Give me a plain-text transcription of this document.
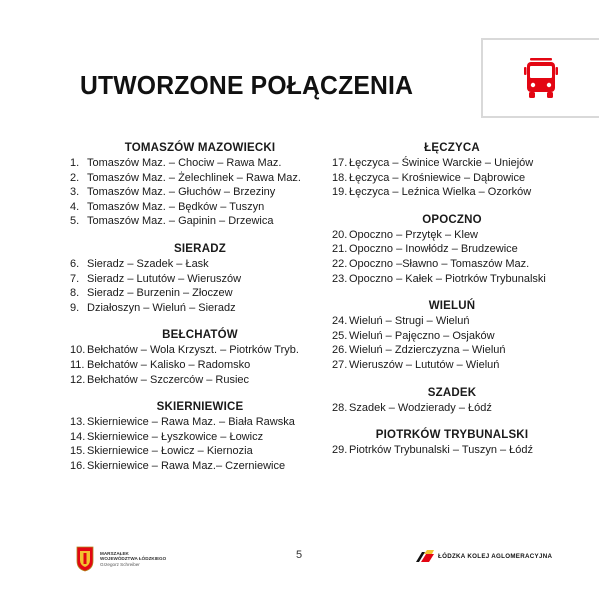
UTWORZONE POŁĄCZENIA
TOMASZÓW MAZOWIECKI
1. Tomaszów Maz. – Chociw – Rawa Maz.
2. Tomaszów Maz. – Żelechlinek – Rawa Maz.
3. Tomaszów Maz. – Głuchów – Brzeziny
4. Tomaszów Maz. – Będków – Tuszyn
5. Tomaszów Maz. – Gapinin – Drzewica
SIERADZ
6. Sieradz – Szadek – Łask
7. Sieradz – Lututów – Wieruszów
8. Sieradz – Burzenin – Złoczew
9. Działoszyn – Wieluń – Sieradz
BEŁCHATÓW
10. Bełchatów – Wola Krzyszt. – Piotrków Tryb.
11. Bełchatów – Kalisko – Radomsko
12. Bełchatów – Szczerców – Rusiec
SKIERNIEWICE
13. Skierniewice – Rawa Maz. – Biała Rawska
14. Skierniewice – Łyszkowice – Łowicz
15. Skierniewice – Łowicz – Kiernozia
16. Skierniewice – Rawa Maz.– Czerniewice
ŁĘCZYCA
17. Łęczyca – Świnice Warckie – Uniejów
18. Łęczyca – Krośniewice – Dąbrowice
19. Łęczyca – Leźnica Wielka – Ozorków
OPOCZNO
20. Opoczno – Przytęk – Klew
21. Opoczno – Inowłódz – Brudzewice
22. Opoczno –Sławno – Tomaszów Maz.
23. Opoczno – Kałek – Piotrków Trybunalski
WIELUŃ
24. Wieluń – Strugi – Wieluń
25. Wieluń – Pajęczno – Osjaków
26. Wieluń – Zdzierczyzna – Wieluń
27. Wieruszów – Lututów – Wieluń
SZADEK
28. Szadek – Wodzierady – Łódź
PIOTRKÓW TRYBUNALSKI
29. Piotrków Trybunalski – Tuszyn – Łódź
MARSZAŁEK
WOJEWÓDZTWA ŁÓDZKIEGO
Grzegorz Schreiber
5	ŁÓDZKA KOLEJ AGLOMERACYJNA
